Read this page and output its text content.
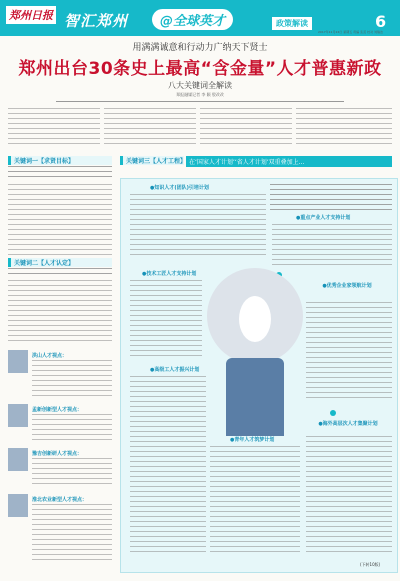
郑州日报 智汇郑州	@全球英才	政策解读	6
2017年11月24日 星期五 责编 张蕊 校对 刘瑞洁
用满满诚意和行动力广纳天下贤士
郑州出台30条史上最高“含金量”人才普惠新政
八大关键词全解读
郑报融媒记者 李 颖 殷改改
关键词一【求贤目标】
关键词二【人才认定】
洪山人才视点：
孟新创新型人才视点：
豫吉创新研人才视点：
淮北农业新型人才视点：
关键词三【人才工程】 在‘国家人才计划’‘省人才计划’双重叠加上…
●知识人才(团队)引培计划
●重点产业人才支持计划
●优秀企业家领航计划
●技术工匠人才支持计划
●高级工人才振兴计划
●青年人才筑梦计划
●海外高层次人才集聚计划
(下转10版)
